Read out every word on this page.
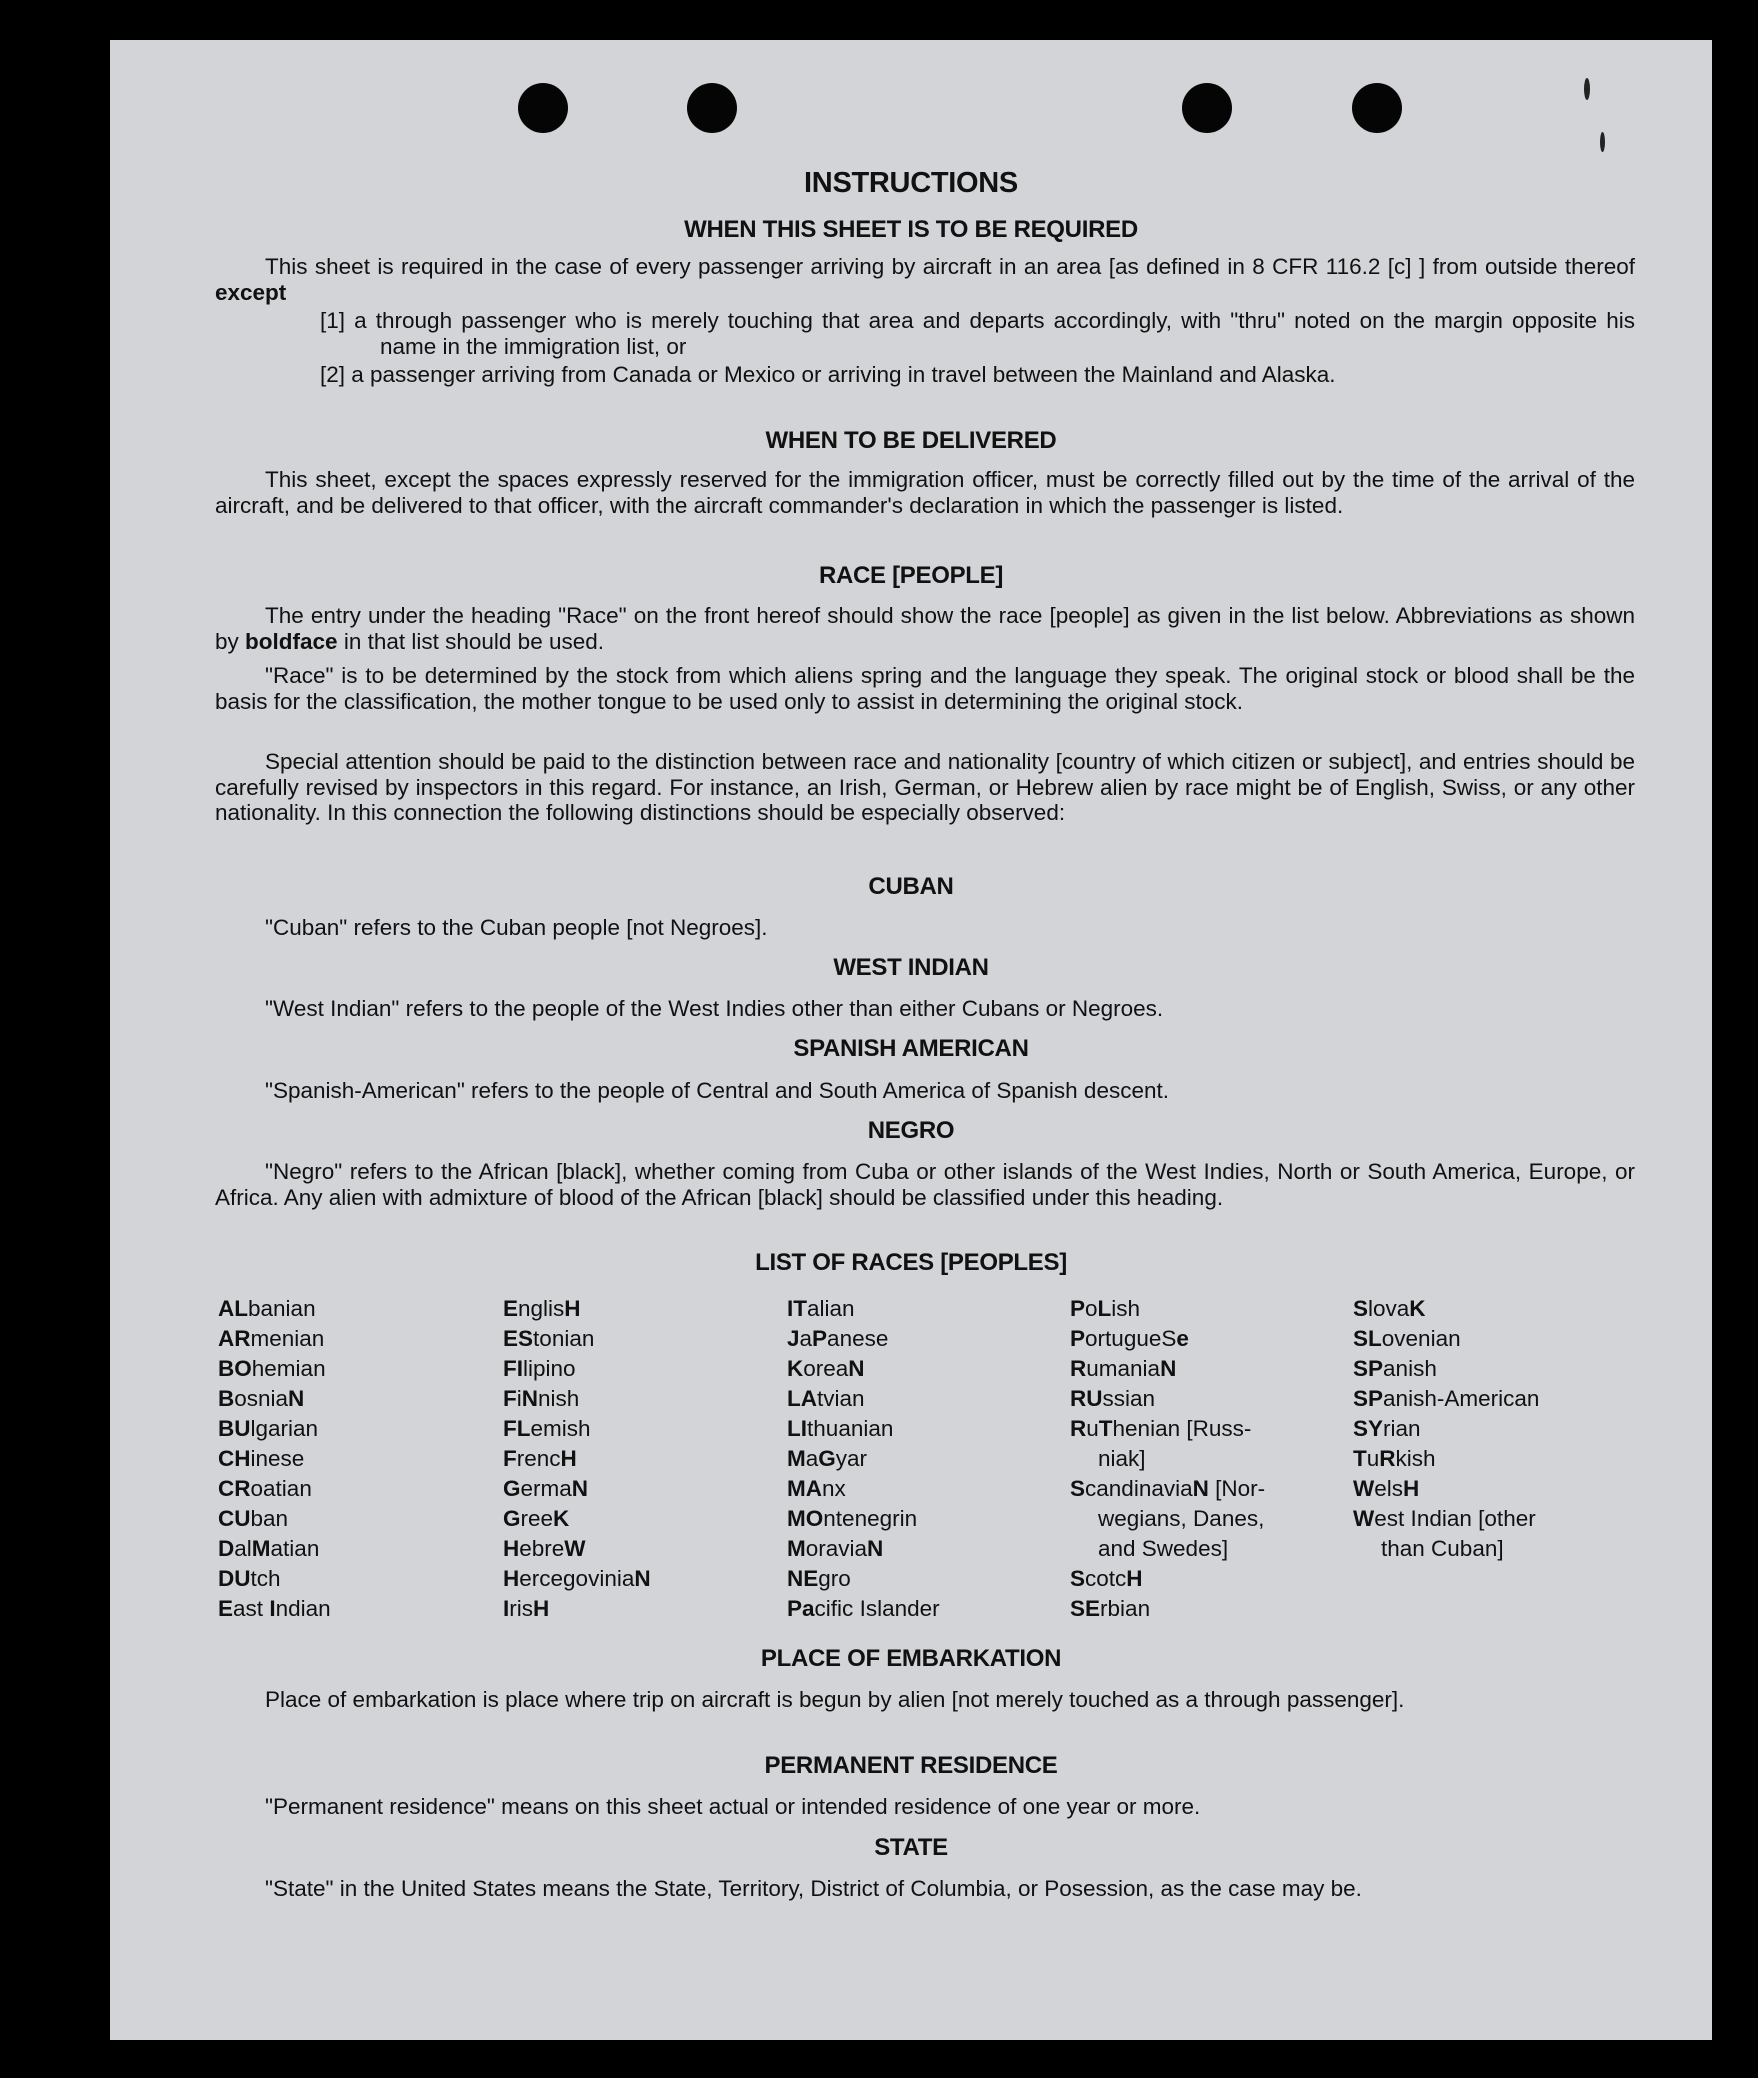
INSTRUCTIONS
WHEN THIS SHEET IS TO BE REQUIRED
This sheet is required in the case of every passenger arriving by aircraft in an area [as defined in 8 CFR 116.2 [c] ] from outside thereof except
[1] a through passenger who is merely touching that area and departs accordingly, with "thru" noted on the margin opposite his name in the immigration list, or
[2] a passenger arriving from Canada or Mexico or arriving in travel between the Mainland and Alaska.
WHEN TO BE DELIVERED
This sheet, except the spaces expressly reserved for the immigration officer, must be correctly filled out by the time of the arrival of the aircraft, and be delivered to that officer, with the aircraft commander's declaration in which the passenger is listed.
RACE [PEOPLE]
The entry under the heading "Race" on the front hereof should show the race [people] as given in the list below. Abbreviations as shown by boldface in that list should be used.
"Race" is to be determined by the stock from which aliens spring and the language they speak. The original stock or blood shall be the basis for the classification, the mother tongue to be used only to assist in determining the original stock.
Special attention should be paid to the distinction between race and nationality [country of which citizen or subject], and entries should be carefully revised by inspectors in this regard. For instance, an Irish, German, or Hebrew alien by race might be of English, Swiss, or any other nationality. In this connection the following distinctions should be especially observed:
CUBAN
"Cuban" refers to the Cuban people [not Negroes].
WEST INDIAN
"West Indian" refers to the people of the West Indies other than either Cubans or Negroes.
SPANISH AMERICAN
"Spanish-American" refers to the people of Central and South America of Spanish descent.
NEGRO
"Negro" refers to the African [black], whether coming from Cuba or other islands of the West Indies, North or South America, Europe, or Africa. Any alien with admixture of blood of the African [black] should be classified under this heading.
LIST OF RACES [PEOPLES]
ALbanian
ARmenian
BOhemian
BosniaN
BUlgarian
CHinese
CRoatian
CUban
DalMatian
DUtch
East Indian
EnglisH
EStonian
FIlipino
FiNnish
FLemish
FrencH
GermaN
GreeK
HebreW
HercegoviniaN
IrisH
ITalian
JaPanese
KoreaN
LAtvian
LIthuanian
MaGyar
MAnx
MOntenegrin
MoraviaN
NEgro
Pacific Islander
PoLish
PortugueSe
RumaniaN
RUssian
RuThenian [Russ-
niak]
ScandinaviaN [Nor-
wegians, Danes,
and Swedes]
ScotcH
SErbian
SlovaK
SLovenian
SPanish
SPanish-American
SYrian
TuRkish
WelsH
West Indian [other
than Cuban]
PLACE OF EMBARKATION
Place of embarkation is place where trip on aircraft is begun by alien [not merely touched as a through passenger].
PERMANENT RESIDENCE
"Permanent residence" means on this sheet actual or intended residence of one year or more.
STATE
"State" in the United States means the State, Territory, District of Columbia, or Posession, as the case may be.
